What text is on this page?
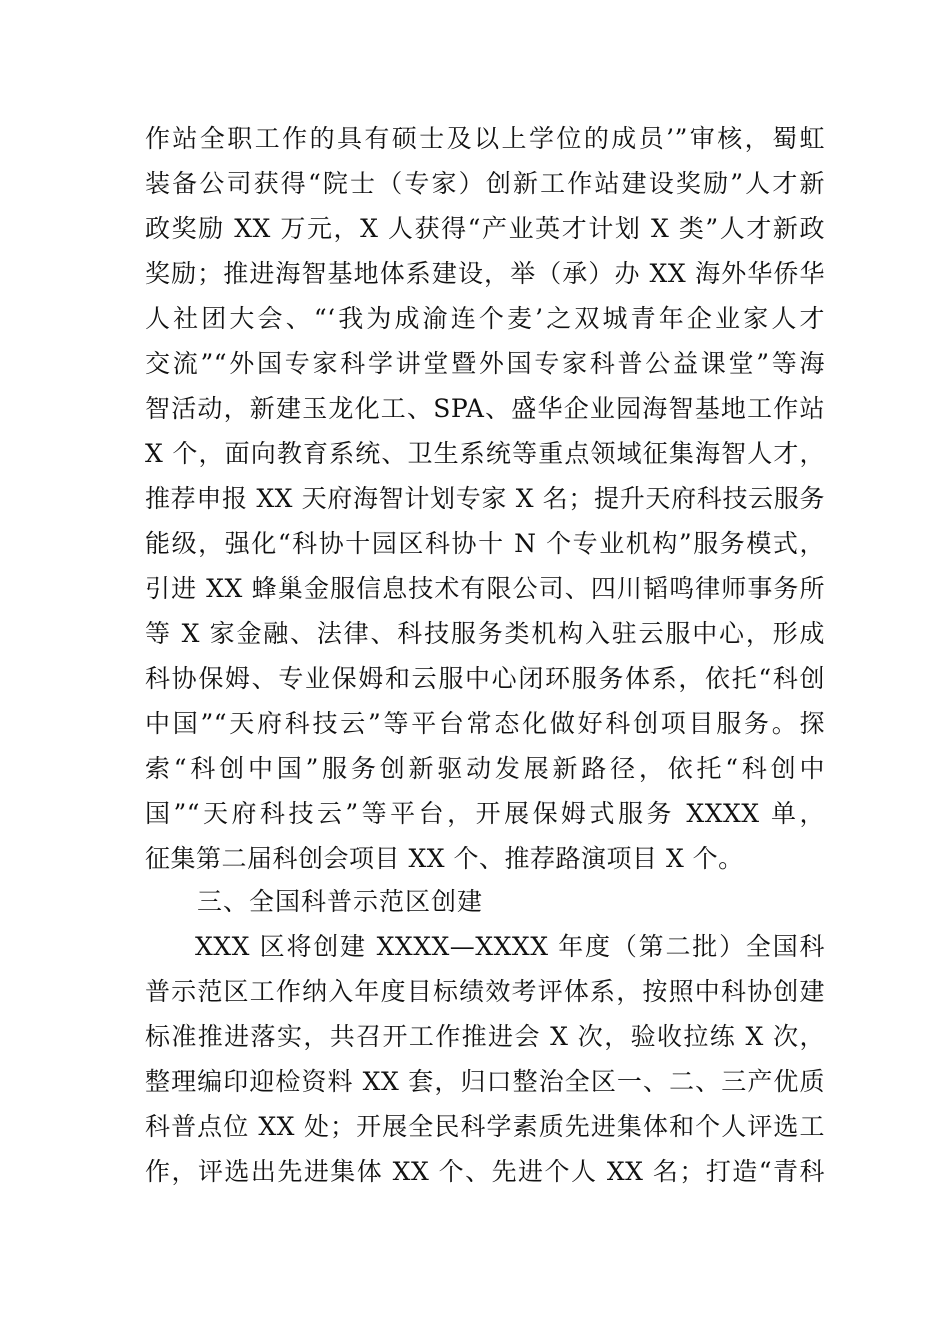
作站全职工作的具有硕士及以上学位的成员’”审核，蜀虹
装备公司获得“院士（专家）创新工作站建设奖励”人才新
政奖励 XX 万元，X 人获得“产业英才计划 X 类”人才新政
奖励；推进海智基地体系建设，举（承）办 XX 海外华侨华
人社团大会、“‘我为成渝连个麦’之双城青年企业家人才
交流”“外国专家科学讲堂暨外国专家科普公益课堂”等海
智活动，新建玉龙化工、SPA、盛华企业园海智基地工作站
X 个，面向教育系统、卫生系统等重点领域征集海智人才，
推荐申报 XX 天府海智计划专家 X 名；提升天府科技云服务
能级，强化“科协十园区科协十 N 个专业机构”服务模式，
引进 XX 蜂巢金服信息技术有限公司、四川韬鸣律师事务所
等 X 家金融、法律、科技服务类机构入驻云服中心，形成
科协保姆、专业保姆和云服中心闭环服务体系，依托“科创
中国”“天府科技云”等平台常态化做好科创项目服务。探
索“科创中国”服务创新驱动发展新路径，依托“科创中
国”“天府科技云”等平台，开展保姆式服务 XXXX 单，
征集第二届科创会项目 XX 个、推荐路演项目 X 个。
三、全国科普示范区创建
XXX 区将创建 XXXX—XXXX 年度（第二批）全国科
普示范区工作纳入年度目标绩效考评体系，按照中科协创建
标准推进落实，共召开工作推进会 X 次，验收拉练 X 次，
整理编印迎检资料 XX 套，归口整治全区一、二、三产优质
科普点位 XX 处；开展全民科学素质先进集体和个人评选工
作，评选出先进集体 XX 个、先进个人 XX 名；打造“青科
